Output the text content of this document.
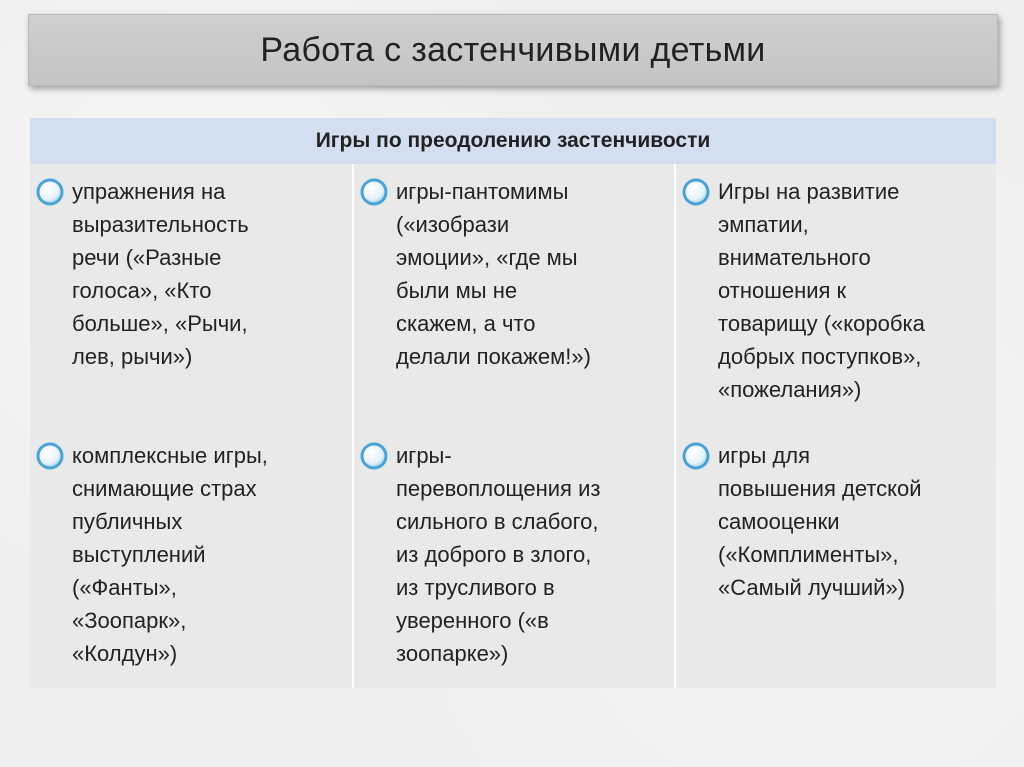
Работа с застенчивыми детьми
Игры по преодолению застенчивости
упражнения на
выразительность
речи («Разные
голоса», «Кто
больше», «Рычи,
лев, рычи»)
комплексные игры,
снимающие страх
публичных
выступлений
(«Фанты»,
«Зоопарк»,
«Колдун»)
игры-пантомимы
(«изобрази
эмоции», «где мы
были мы не
скажем, а что
делали покажем!»)
игры-
перевоплощения из
сильного в слабого,
из доброго в злого,
из трусливого в
уверенного («в
зоопарке»)
Игры на развитие
эмпатии,
внимательного
отношения к
товарищу («коробка
добрых поступков»,
«пожелания»)
игры для
повышения детской
самооценки
(«Комплименты»,
«Самый лучший»)
